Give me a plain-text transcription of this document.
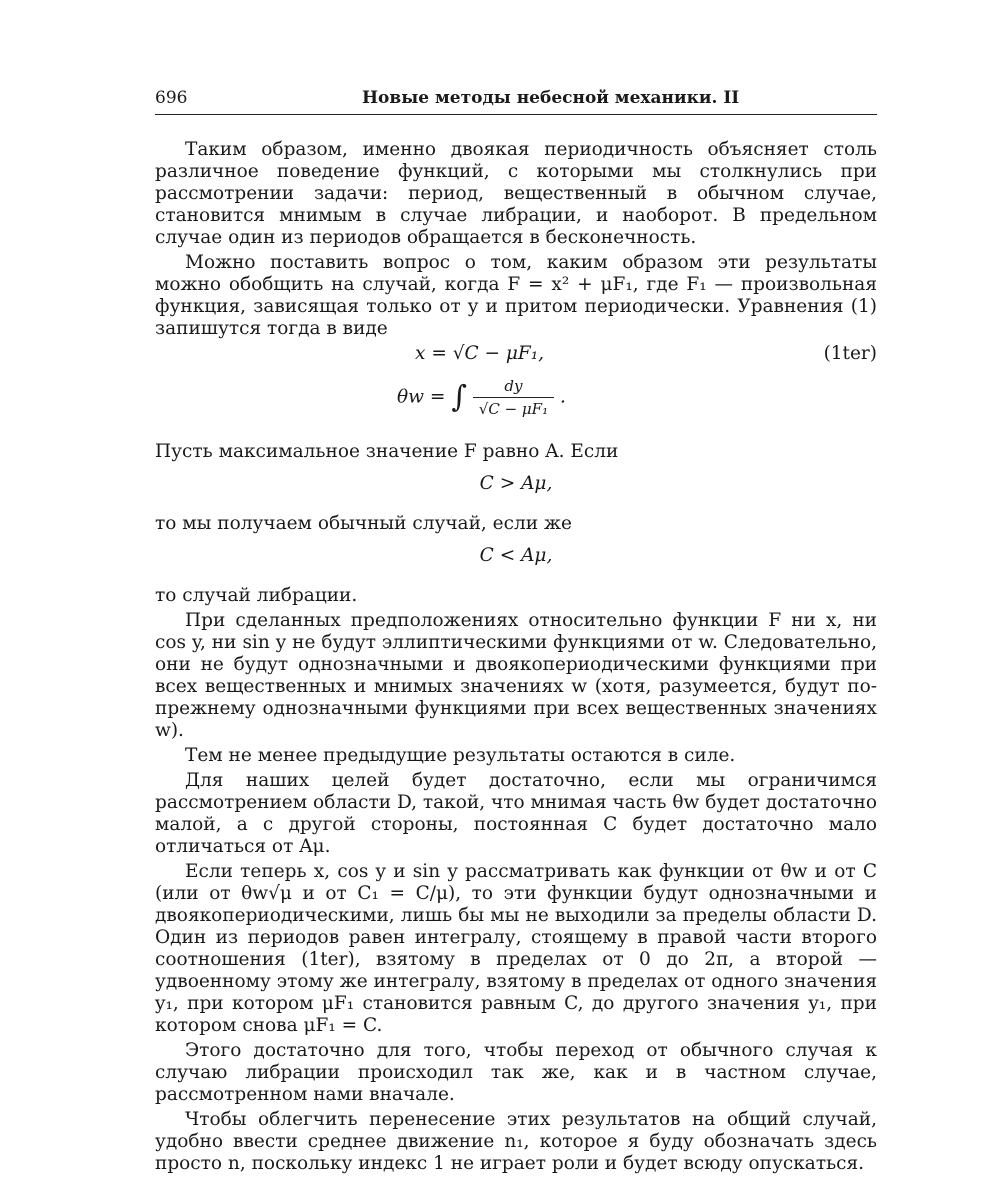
696	Новые методы небесной механики. II

Таким образом, именно двоякая периодичность объясняет столь различное поведение функций, с которыми мы столкнулись при рассмотрении задачи: период, вещественный в обычном случае, становится мнимым в случае либрации, и наоборот. В предельном случае один из периодов обращается в бесконечность.

Можно поставить вопрос о том, каким образом эти результаты можно обобщить на случай, когда F = x² + μF₁, где F₁ — произвольная функция, зависящая только от y и притом периодически. Уравнения (1) запишутся тогда в виде

x = √C − μF₁,	(1ter)
θw = ∫ $\frac{dy}{\text{√C − μF₁}}$ .

Пусть максимальное значение F равно A. Если

C > Aμ,

то мы получаем обычный случай, если же

C < Aμ,

то случай либрации.

При сделанных предположениях относительно функции F ни x, ни cos y, ни sin y не будут эллиптическими функциями от w. Следовательно, они не будут однозначными и двоякопериодическими функциями при всех вещественных и мнимых значениях w (хотя, разумеется, будут по-прежнему однозначными функциями при всех вещественных значениях w).

Тем не менее предыдущие результаты остаются в силе.

Для наших целей будет достаточно, если мы ограничимся рассмотрением области D, такой, что мнимая часть θw будет достаточно малой, а с другой стороны, постоянная C будет достаточно мало отличаться от Aμ.

Если теперь x, cos y и sin y рассматривать как функции от θw и от C (или от θw√μ и от C₁ = C/μ), то эти функции будут однозначными и двоякопериодическими, лишь бы мы не выходили за пределы области D. Один из периодов равен интегралу, стоящему в правой части второго соотношения (1ter), взятому в пределах от 0 до 2π, а второй — удвоенному этому же интегралу, взятому в пределах от одного значения y₁, при котором μF₁ становится равным C, до другого значения y₁, при котором снова μF₁ = C.

Этого достаточно для того, чтобы переход от обычного случая к случаю либрации происходил так же, как и в частном случае, рассмотренном нами вначале.

Чтобы облегчить перенесение этих результатов на общий случай, удобно ввести среднее движение n₁, которое я буду обозначать здесь просто n, поскольку индекс 1 не играет роли и будет всюду опускаться.
